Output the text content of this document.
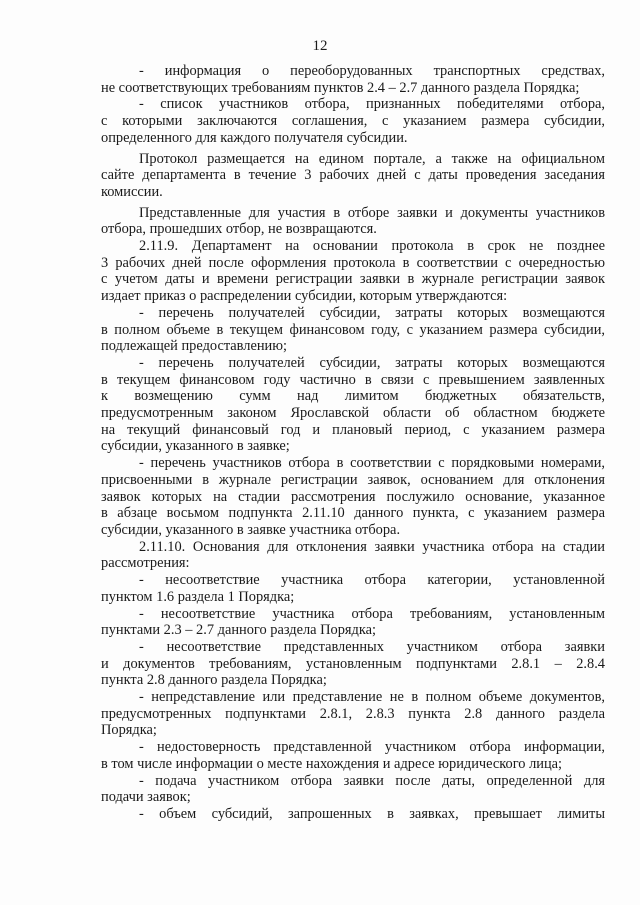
12

- информация о переоборудованных транспортных средствах,

не соответствующих требованиям пунктов 2.4 – 2.7 данного раздела Порядка;

- список участников отбора, признанных победителями отбора,

с которыми заключаются соглашения, с указанием размера субсидии,

определенного для каждого получателя субсидии.

Протокол размещается на едином портале, а также на официальном

сайте департамента в течение 3 рабочих дней с даты проведения заседания

комиссии.

Представленные для участия в отборе заявки и документы участников

отбора, прошедших отбор, не возвращаются.

2.11.9. Департамент на основании протокола в срок не позднее

3 рабочих дней после оформления протокола в соответствии с очередностью

с учетом даты и времени регистрации заявки в журнале регистрации заявок

издает приказ о распределении субсидии, которым утверждаются:

- перечень получателей субсидии, затраты которых возмещаются

в полном объеме в текущем финансовом году, с указанием размера субсидии,

подлежащей предоставлению;

- перечень получателей субсидии, затраты которых возмещаются

в текущем финансовом году частично в связи с превышением заявленных

к возмещению сумм над лимитом бюджетных обязательств,

предусмотренным законом Ярославской области об областном бюджете

на текущий финансовый год и плановый период, с указанием размера

субсидии, указанного в заявке;

- перечень участников отбора в соответствии с порядковыми номерами,

присвоенными в журнале регистрации заявок, основанием для отклонения

заявок которых на стадии рассмотрения послужило основание, указанное

в абзаце восьмом подпункта 2.11.10 данного пункта, с указанием размера

субсидии, указанного в заявке участника отбора.

2.11.10. Основания для отклонения заявки участника отбора на стадии

рассмотрения:

- несоответствие участника отбора категории, установленной

пунктом 1.6 раздела 1 Порядка;

- несоответствие участника отбора требованиям, установленным

пунктами 2.3 – 2.7 данного раздела Порядка;

- несоответствие представленных участником отбора заявки

и документов требованиям, установленным подпунктами 2.8.1 – 2.8.4

пункта 2.8 данного раздела Порядка;

- непредставление или представление не в полном объеме документов,

предусмотренных подпунктами 2.8.1, 2.8.3 пункта 2.8 данного раздела

Порядка;

- недостоверность представленной участником отбора информации,

в том числе информации о месте нахождения и адресе юридического лица;

- подача участником отбора заявки после даты, определенной для

подачи заявок;

- объем субсидий, запрошенных в заявках, превышает лимиты
